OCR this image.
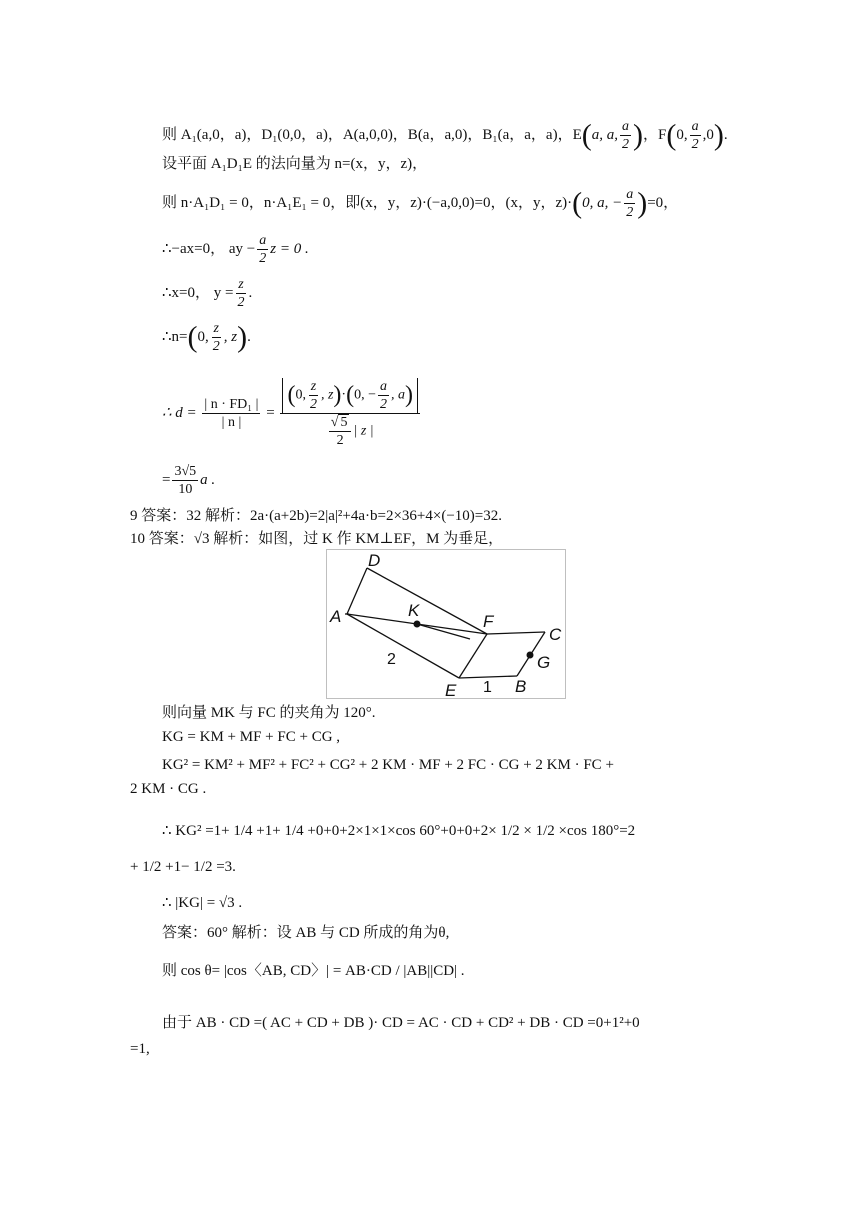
则 A₁(a,0，a)，D₁(0,0，a)，A(a,0,0)，B(a，a,0)，B₁(a，a，a)，E(a, a, $\frac{a}{2}$ )，F(0, $\frac{a}{2} ,0$).
设平面 A₁D₁E 的法向量为 n=(x，y，z)，
则 n·A₁D₁ = 0，n·A₁E₁ = 0，即(x，y，z)·(−a,0,0)=0，(x，y，z)·(0, a, − $\frac{a}{2} )=0$，
∴−ax=0， ay − $\frac{a}{2}$ z = 0 .
∴x=0， $y = \frac{z}{2}$ .
∴n=(0, $\frac{z}{2}$ , z).
∴ $d = \frac{\text{| n · FD₁ |}}{| n |} = \frac{(0, \frac{z}{2} , z)\cdot(0, - \frac{a}{2} , a)}{\frac{√ 5}{2} | z |}$
= $\frac{3√5}{10}$ a .
9 答案：32 解析：2a·(a+2b)=2|a|²+4a·b=2×36+4×(−10)=32.
10 答案：√3 解析：如图，过 K 作 KM⊥EF，M 为垂足，
D
A	K
F
C
G
E	B
2
1
则向量 MK 与 FC 的夹角为 120°.
KG = KM + MF + FC + CG ,
KG² = KM² + MF² + FC² + CG² + 2 KM · MF + 2 FC · CG + 2 KM · FC +
2 KM · CG .
∴ KG² =1+ 1/4 +1+ 1/4 +0+0+2×1×1×cos 60°+0+0+2× 1/2 × 1/2 ×cos 180°=2
+ 1/2 +1− 1/2 =3.
∴ |KG| = √3 .
答案：60° 解析：设 AB 与 CD 所成的角为θ,
则 cos θ= |cos〈AB, CD〉| = AB·CD / |AB||CD| .
由于 AB · CD =( AC + CD + DB )· CD = AC · CD + CD² + DB · CD =0+1²+0
=1,
